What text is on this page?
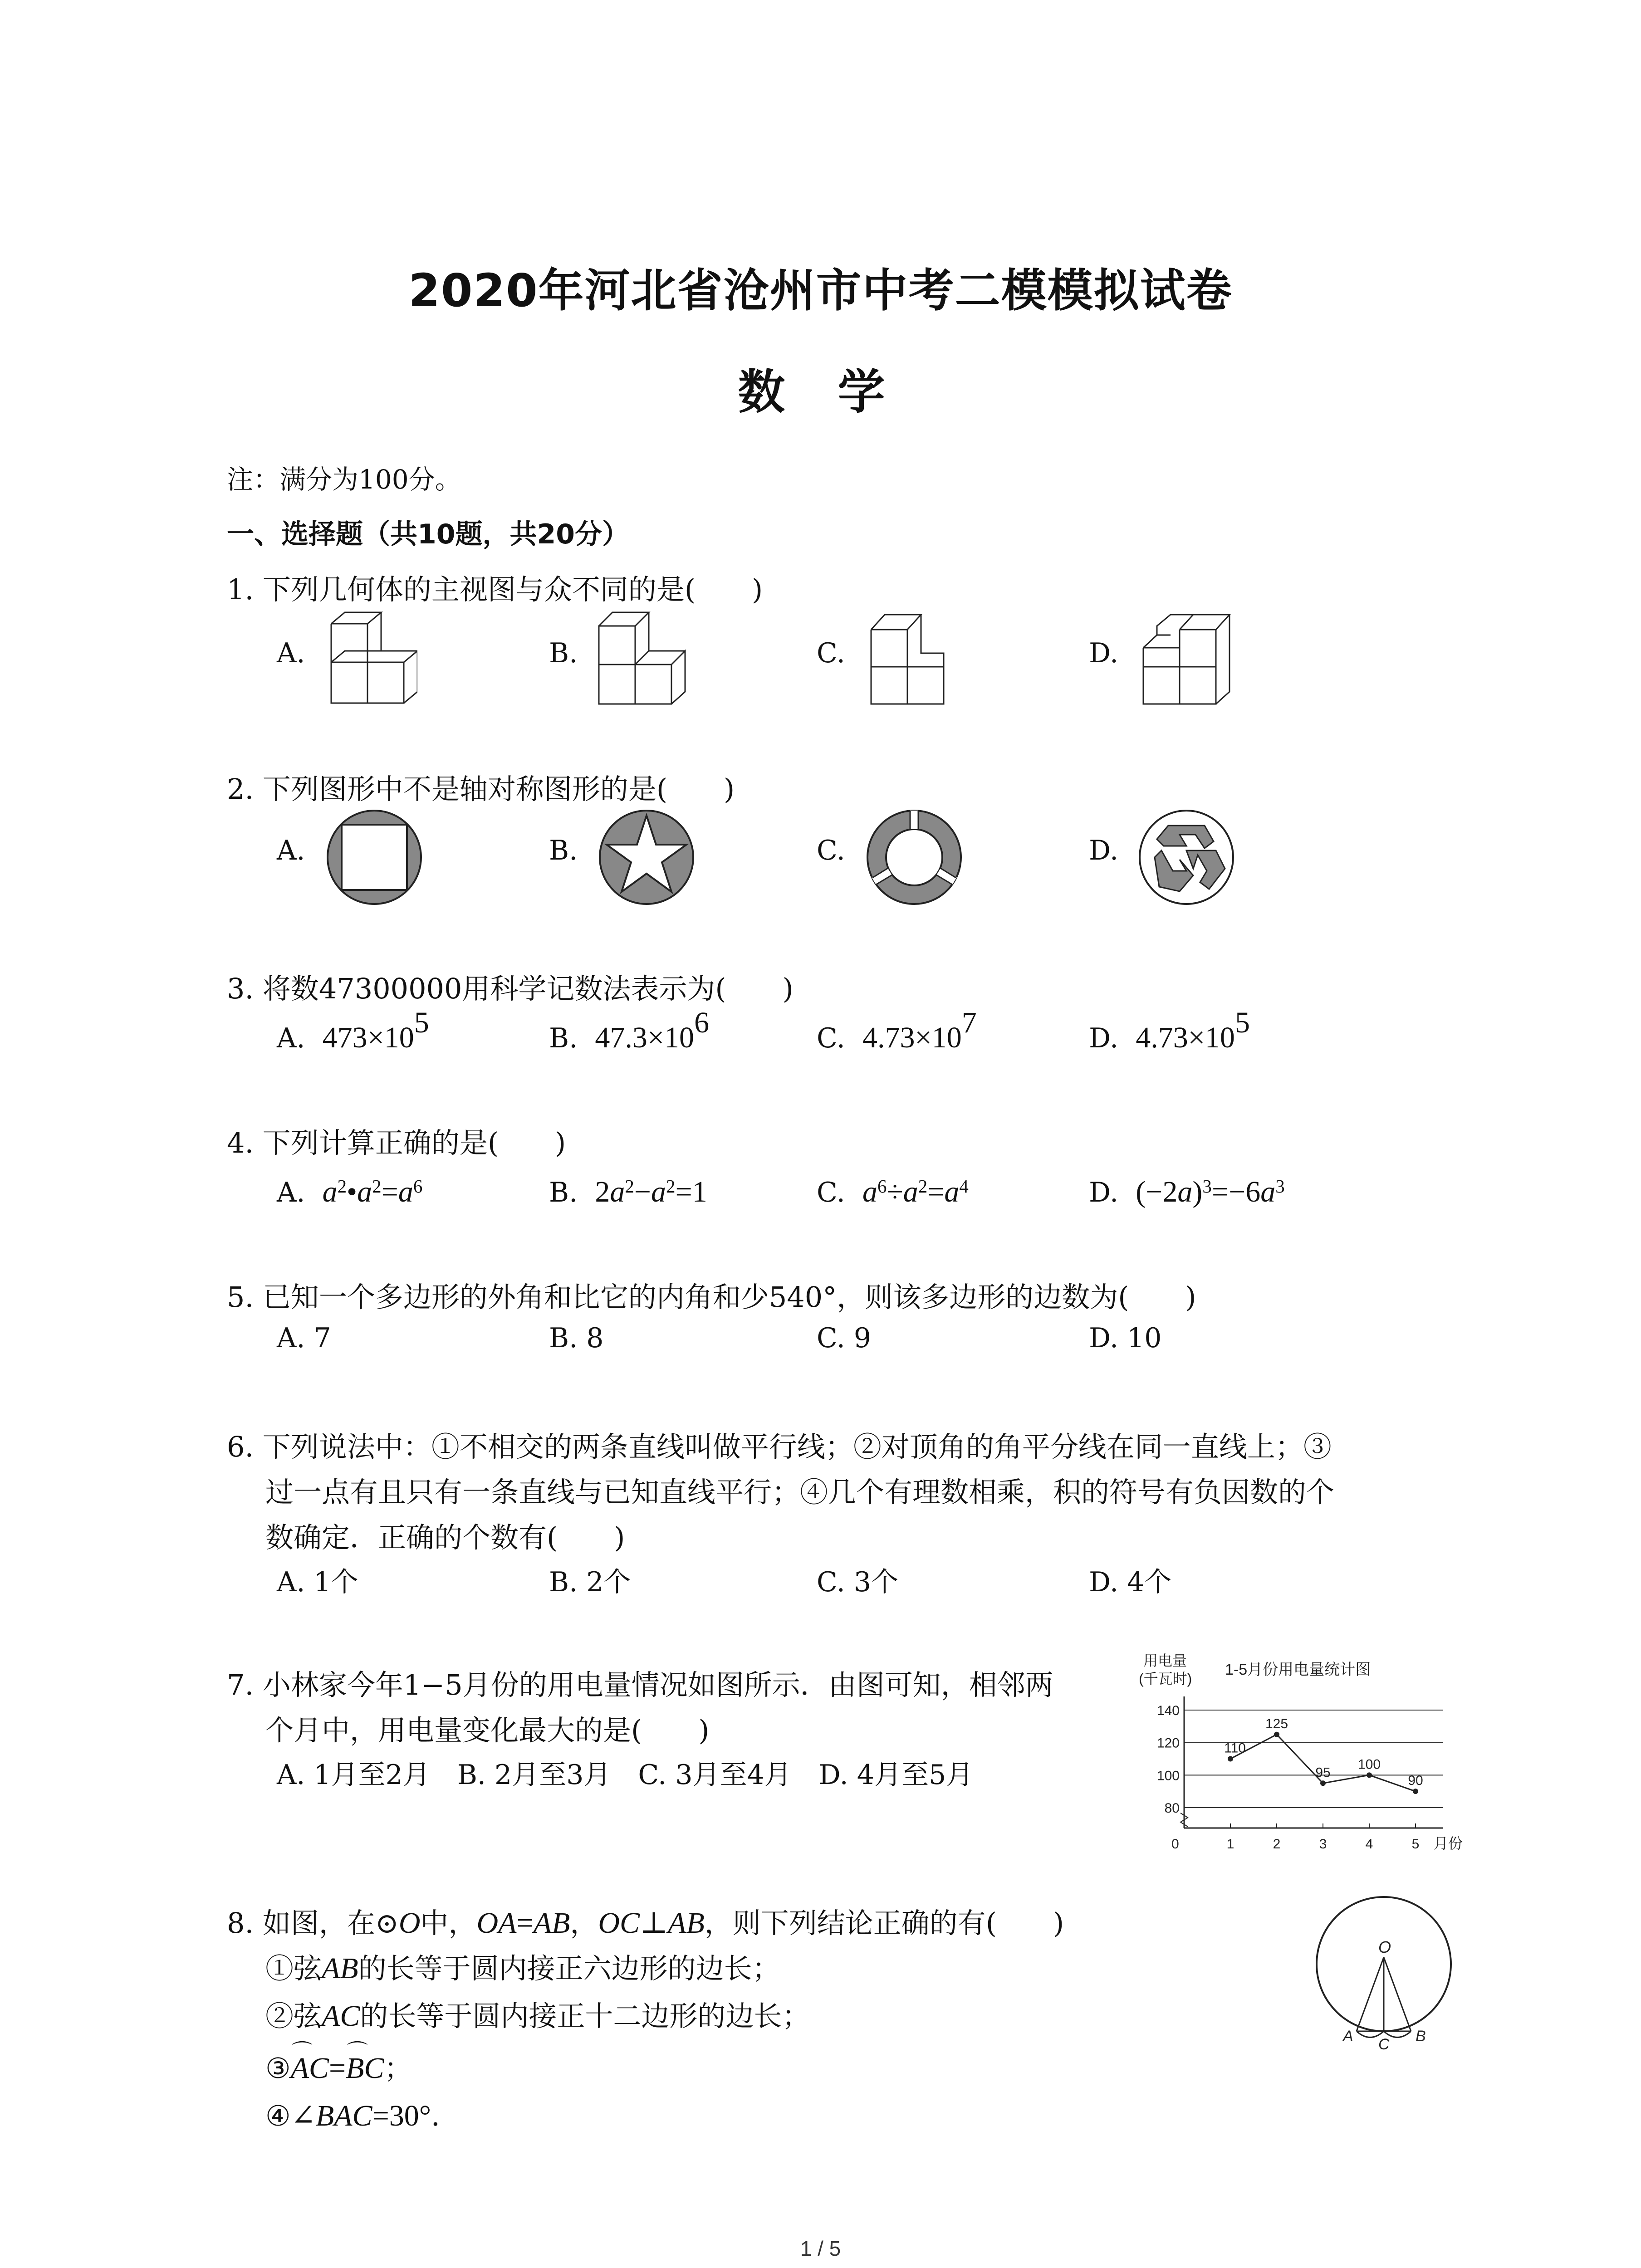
2020年河北省沧州市中考二模模拟试卷
数 学
注：满分为100分。
一、选择题（共10题，共20分）
1. 下列几何体的主视图与众不同的是(　　)
A.	B.	C.	D.
2. 下列图形中不是轴对称图形的是(　　)
A.	B.	C.	D.
3. 将数47300000用科学记数法表示为(　　)
A. $473\times 10^5$	B. $47.3\times 10^6$	C. $4.73\times 10^7$	D. $4.73\times 10^5$
4. 下列计算正确的是(　　)
A. $a^2•a^2=a^6$	B. $2a^2-a^2=1$	C. $a^6\div a^2=a^4$	D. $(-2a)^3=-6a^3$
5. 已知一个多边形的外角和比它的内角和少540°，则该多边形的边数为(　　)
A. 7	B. 8	C. 9	D. 10
6. 下列说法中：①不相交的两条直线叫做平行线；②对顶角的角平分线在同一直线上；③
过一点有且只有一条直线与已知直线平行；④几个有理数相乘，积的符号有负因数的个
数确定．正确的个数有(　　)
A. 1个	B. 2个	C. 3个	D. 4个
7. 小林家今年1−5月份的用电量情况如图所示．由图可知，相邻两
个月中，用电量变化最大的是(　　)
A. 1月至2月　B. 2月至3月　C. 3月至4月　D. 4月至5月
用电量
(千瓦时)
1-5月份用电量统计图
110
125
95
100
90
80
100
120
140
0	1	2	3	4	5 月份
8. 如图，在⊙O中，OA=AB，OC⊥AB，则下列结论正确的有(　　)
①弦AB的长等于圆内接正六边形的边长；
②弦AC的长等于圆内接正十二边形的边长；
③⌒ AC=⌒ BC；
④∠BAC=30°．
O
A	B
C
1 / 5
